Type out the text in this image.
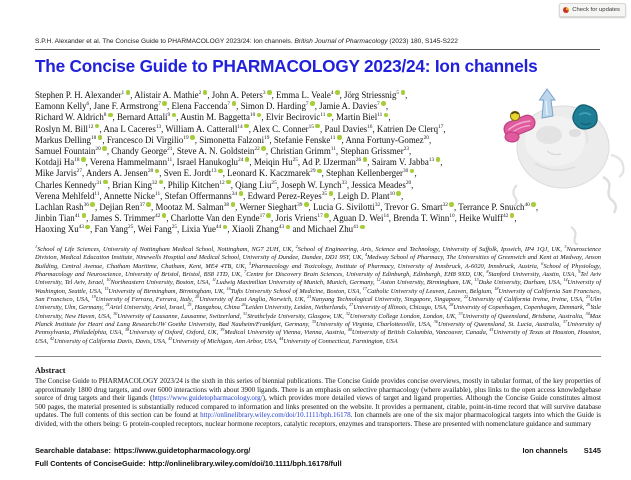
Check for updates
S.P.H. Alexander et al. The Concise Guide to PHARMACOLOGY 2023/24: Ion channels. British Journal of Pharmacology (2023) 180, S145-S222
The Concise Guide to PHARMACOLOGY 2023/24: Ion channels
Stephen P. H. Alexander$^1$ , Alistair A. Mathie$^2$ , John A. Peters$^3$ , Emma L. Veale$^4$ , Jörg Striessnig$^5$ ,
Eamonn Kelly$^6$, Jane F. Armstrong$^7$ , Elena Faccenda$^7$ , Simon D. Harding$^7$ , Jamie A. Davies$^7$ ,
Richard W. Aldrich$^8$ , Bernard Attali$^9$ , Austin M. Baggetta$^{10}$ , Elvir Becirovic$^{11}$ , Martin Biel$^{11}$ ,
Roslyn M. Bill$^{12}$ , Ana L Caceres$^{13}$, William A. Catterall$^{14}$ , Alex C. Conner$^{15}$ , Paul Davies$^{16}$, Katrien De Clerq$^{17}$,
Markus Delling$^{18}$ , Francesco Di Virgilio$^{19}$ , Simonetta Falzoni$^{19}$, Stefanie Fenske$^{11}$ , Anna Fortuny-Gomez$^{20}$,
Samuel Fountain$^{20}$ , Chandy George$^{21}$, Steve A. N. Goldstein$^{22}$ , Christian Grimm$^{11}$, Stephan Grissmer$^{23}$,
Kotdaji Ha$^{18}$ , Verena Hammelmann$^{11}$, Israel Hanukoglu$^{24}$ , Meiqin Hu$^{25}$, Ad P. IJzerman$^{26}$ , Sairam V. Jabba$^{13}$ ,
Mike Jarvis$^{27}$, Anders A. Jensen$^{28}$ , Sven E. Jordt$^{13}$ , Leonard K. Kaczmarek$^{29}$ , Stephan Kellenberger$^{30}$ ,
Charles Kennedy$^{31}$ , Brian King$^{32}$ , Philip Kitchen$^{12}$ , Qiang Liu$^{25}$, Joseph W. Lynch$^{33}$, Jessica Meades$^{20}$,
Verena Mehlfeld$^{11}$, Annette Nicke$^{11}$, Stefan Offermanns$^{34}$ , Edward Perez-Reyes$^{35}$ , Leigh D. Plant$^{10}$ ,
Lachlan Rash$^{36}$ , Dejian Ren$^{37}$ , Mootaz M. Salman$^{38}$ , Werner Sieghart$^{39}$ , Lucia G. Sivilotti$^{32}$, Trevor G. Smart$^{32}$ , Terrance P. Snutch$^{40}$ ,
Jinbin Tian$^{41}$ , James S. Trimmer$^{42}$ , Charlotte Van den Eynde$^{17}$ , Joris Vriens$^{17}$ , Aguan D. Wei$^{14}$, Brenda T. Winn$^{10}$, Heike Wulff$^{42}$ ,
Haoxing Xu$^{43}$ , Fan Yang$^{25}$, Wei Fang$^{25}$, Lixia Yue$^{44}$ , Xiaoli Zhang$^{43}$ and Michael Zhu$^{41}$
$^1$School of Life Sciences, University of Nottingham Medical School, Nottingham, NG7 2UH, UK, $^2$School of Engineering, Arts, Science and Technology, University of Suffolk, Ipswich, IP4 1QJ, UK, $^3$Neuroscience Division, Medical Education Institute, Ninewells Hospital and Medical School, University of Dundee, Dundee, DD1 9SY, UK, $^4$Medway School of Pharmacy, The Universities of Greenwich and Kent at Medway, Anson Building, Central Avenue, Chatham Maritime, Chatham, Kent, ME4 4TB, UK, $^5$Pharmacology and Toxicology, Institute of Pharmacy, University of Innsbruck, A-6020, Innsbruck, Austria, $^6$School of Physiology, Pharmacology and Neuroscience, University of Bristol, Bristol, BS8 1TD, UK, $^7$Centre for Discovery Brain Sciences, University of Edinburgh, Edinburgh, EH8 9XD, UK, $^8$Stanford University, Austin, USA, $^9$Tel Aviv University, Tel Aviv, Israel, $^{10}$Northeastern University, Boston, USA, $^{11}$Ludwig Maximilian University of Munich, Munich, Germany, $^{12}$Aston University, Birmingham, UK, $^{13}$Duke University, Durham, USA, $^{14}$University of Washington, Seattle, USA, $^{15}$University of Birmingham, Birmingham, UK, $^{16}$Tufts University School of Medicine, Boston, USA, $^{17}$Catholic University of Leuven, Leuven, Belgium, $^{18}$University of California San Francisco, San Francisco, USA, $^{19}$University of Ferrara, Ferrara, Italy, $^{20}$University of East Anglia, Norwich, UK, $^{21}$Nanyang Technological University, Singapore, Singapore, $^{22}$University of California Irvine, Irvine, USA, $^{23}$Ulm University, Ulm, Germany, $^{24}$Ariel University, Ariel, Israel, $^{25}$, Hangzhou, China $^{26}$Leiden University, Leiden, Netherlands, $^{27}$University of Illinois, Chicago, USA, $^{28}$University of Copenhagen, Copenhagen, Denmark, $^{29}$Yale University, New Haven, USA, $^{30}$University of Lausanne, Lausanne, Switzerland, $^{31}$Strathclyde University, Glasgow, UK, $^{32}$University College London, London, UK, $^{33}$University of Queensland, Brisbane, Australia, $^{34}$Max Planck Institute for Heart and Lung Research/JW Goethe University, Bad Nauheim/Frankfurt, Germany, $^{35}$University of Virginia, Charlottesville, USA, $^{36}$University of Queensland, St. Lucia, Australia, $^{37}$University of Pennsylvania, Philadelphia, USA, $^{38}$University of Oxford, Oxford, UK, $^{39}$Medical University of Vienna, Vienna, Austria, $^{40}$University of British Columbia, Vancouver, Canada, $^{41}$University of Texas at Houston, Houston, USA, $^{42}$University of California Davis, Davis, USA, $^{43}$University of Michigan, Ann Arbor, USA, $^{44}$University of Connecticut, Farmington, USA
Abstract

The Concise Guide to PHARMACOLOGY 2023/24 is the sixth in this series of biennial publications. The Concise Guide provides concise overviews, mostly in tabular format, of the key properties of approximately 1800 drug targets, and over 6000 interactions with about 3900 ligands. There is an emphasis on selective pharmacology (where available), plus links to the open access knowledgebase source of drug targets and their ligands (https://www.guidetopharmacology.org/), which provides more detailed views of target and ligand properties. Although the Concise Guide constitutes almost 500 pages, the material presented is substantially reduced compared to information and links presented on the website. It provides a permanent, citable, point-in-time record that will survive database updates. The full contents of this section can be found at http://onlinelibrary.wiley.com/doi/10.1111/bph.16178. Ion channels are one of the six major pharmacological targets into which the Guide is divided, with the others being: G protein-coupled receptors, nuclear hormone receptors, catalytic receptors, enzymes and transporters. These are presented with nomenclature guidance and summary

Searchable database: https://www.guidetopharmacology.org/	Ion channels S145
Full Contents of ConciseGuide: http://onlinelibrary.wiley.com/doi/10.1111/bph.16178/full
